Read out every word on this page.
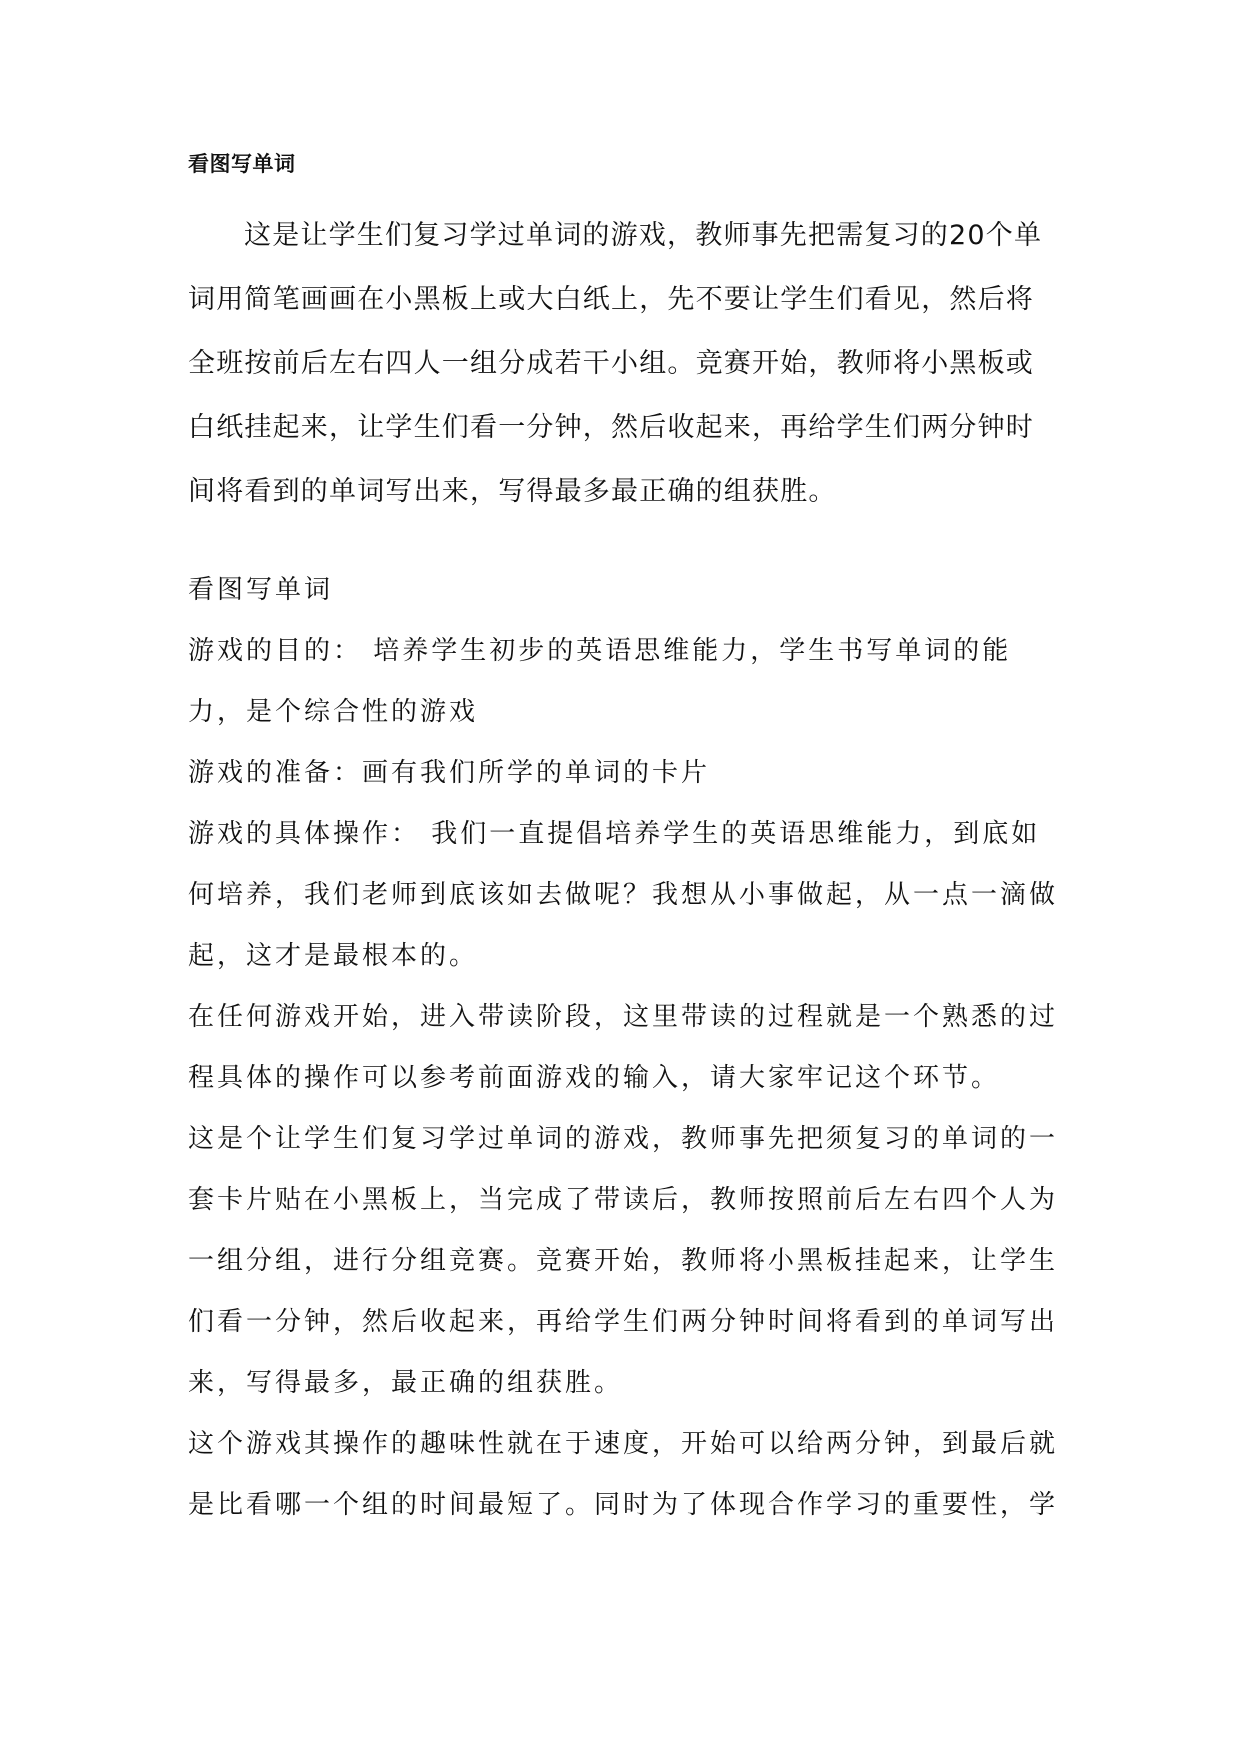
看图写单词

这是让学生们复习学过单词的游戏，教师事先把需复习的20个单词用简笔画画在小黑板上或大白纸上，先不要让学生们看见，然后将全班按前后左右四人一组分成若干小组。竞赛开始，教师将小黑板或白纸挂起来，让学生们看一分钟，然后收起来，再给学生们两分钟时间将看到的单词写出来，写得最多最正确的组获胜。

看图写单词

游戏的目的： 培养学生初步的英语思维能力，学生书写单词的能力，是个综合性的游戏

游戏的准备：画有我们所学的单词的卡片

游戏的具体操作： 我们一直提倡培养学生的英语思维能力，到底如何培养，我们老师到底该如去做呢？我想从小事做起，从一点一滴做起，这才是最根本的。

在任何游戏开始，进入带读阶段，这里带读的过程就是一个熟悉的过程具体的操作可以参考前面游戏的输入，请大家牢记这个环节。

这是个让学生们复习学过单词的游戏，教师事先把须复习的单词的一套卡片贴在小黑板上，当完成了带读后，教师按照前后左右四个人为一组分组，进行分组竞赛。竞赛开始，教师将小黑板挂起来，让学生们看一分钟，然后收起来，再给学生们两分钟时间将看到的单词写出来，写得最多，最正确的组获胜。

这个游戏其操作的趣味性就在于速度，开始可以给两分钟，到最后就是比看哪一个组的时间最短了。同时为了体现合作学习的重要性，学
